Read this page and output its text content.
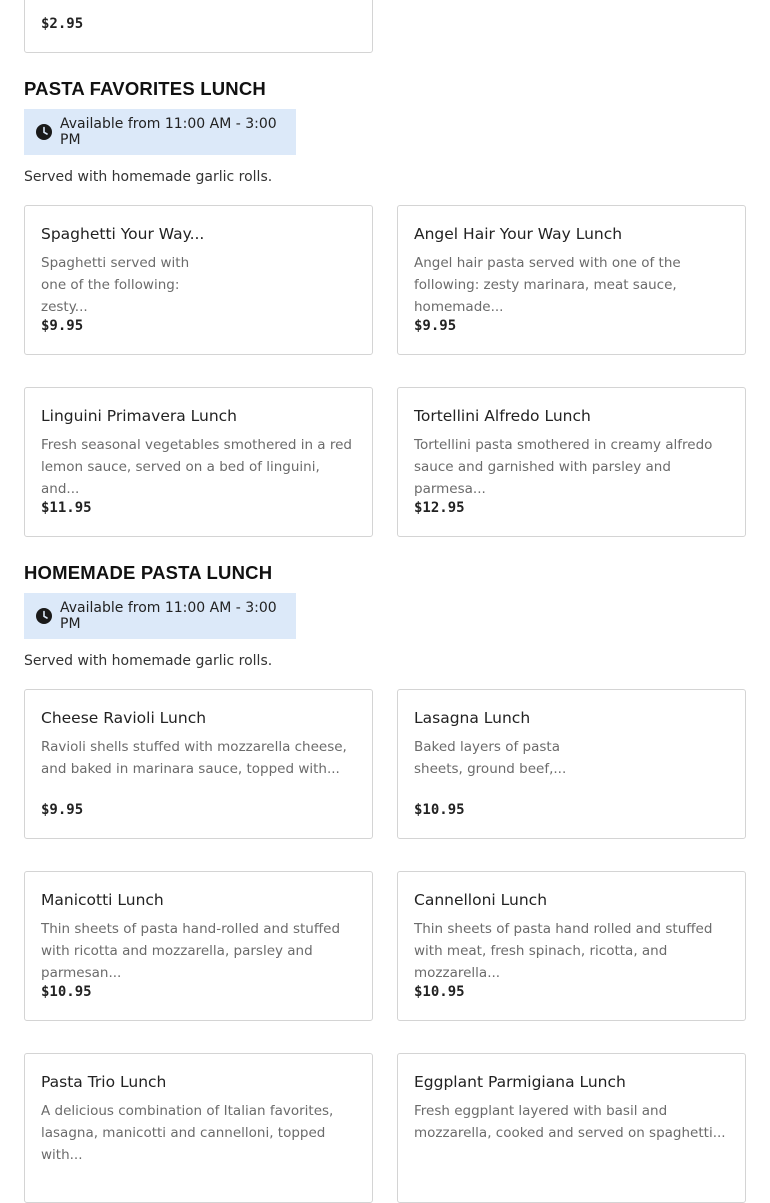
$2.95
PASTA FAVORITES LUNCH
Available from 11:00 AM - 3:00 PM
Served with homemade garlic rolls.
Spaghetti Your Way...
Spaghetti served with one of the following: zesty...
$9.95
Angel Hair Your Way Lunch
Angel hair pasta served with one of the following: zesty marinara, meat sauce, homemade...
$9.95
Linguini Primavera Lunch
Fresh seasonal vegetables smothered in a red lemon sauce, served on a bed of linguini, and...
$11.95
Tortellini Alfredo Lunch
Tortellini pasta smothered in creamy alfredo sauce and garnished with parsley and parmesa...
$12.95
HOMEMADE PASTA LUNCH
Available from 11:00 AM - 3:00 PM
Served with homemade garlic rolls.
Cheese Ravioli Lunch
Ravioli shells stuffed with mozzarella cheese, and baked in marinara sauce, topped with...
$9.95
Lasagna Lunch
Baked layers of pasta sheets, ground beef,...
$10.95
Manicotti Lunch
Thin sheets of pasta hand-rolled and stuffed with ricotta and mozzarella, parsley and parmesan...
$10.95
Cannelloni Lunch
Thin sheets of pasta hand rolled and stuffed with meat, fresh spinach, ricotta, and mozzarella...
$10.95
Pasta Trio Lunch
A delicious combination of Italian favorites, lasagna, manicotti and cannelloni, topped with...
Eggplant Parmigiana Lunch
Fresh eggplant layered with basil and mozzarella, cooked and served on spaghetti...
